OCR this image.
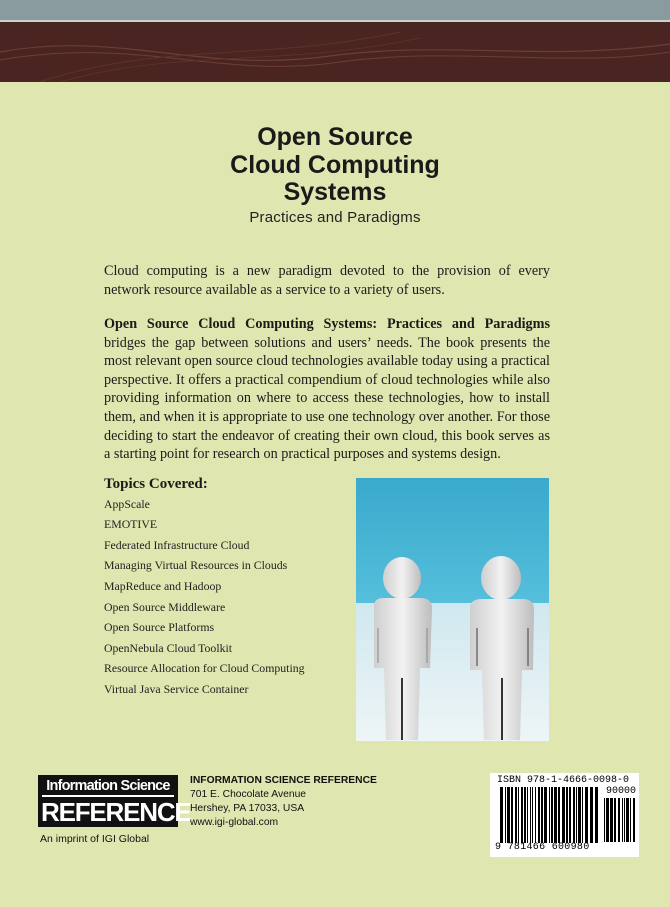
Open Source
Cloud Computing
Systems
Practices and Paradigms
Cloud computing is a new paradigm devoted to the provision of every network resource available as a service to a variety of users.
Open Source Cloud Computing Systems: Practices and Paradigms bridges the gap between solutions and users’ needs. The book presents the most relevant open source cloud technologies available today using a practical perspective. It offers a practical compendium of cloud technologies while also providing information on where to access these technologies, how to install them, and when it is appropriate to use one technology over another. For those deciding to start the endeavor of creating their own cloud, this book serves as a starting point for research on practical purposes and systems design.
Topics Covered:
AppScale
EMOTIVE
Federated Infrastructure Cloud
Managing Virtual Resources in Clouds
MapReduce and Hadoop
Open Source Middleware
Open Source Platforms
OpenNebula Cloud Toolkit
Resource Allocation for Cloud Computing
Virtual Java Service Container
Information Science
REFERENCE
An imprint of IGI Global
INFORMATION SCIENCE REFERENCE
701 E. Chocolate Avenue
Hershey, PA 17033, USA
www.igi-global.com
ISBN 978-1-4666-0098-0
90000
9 781466 600980
